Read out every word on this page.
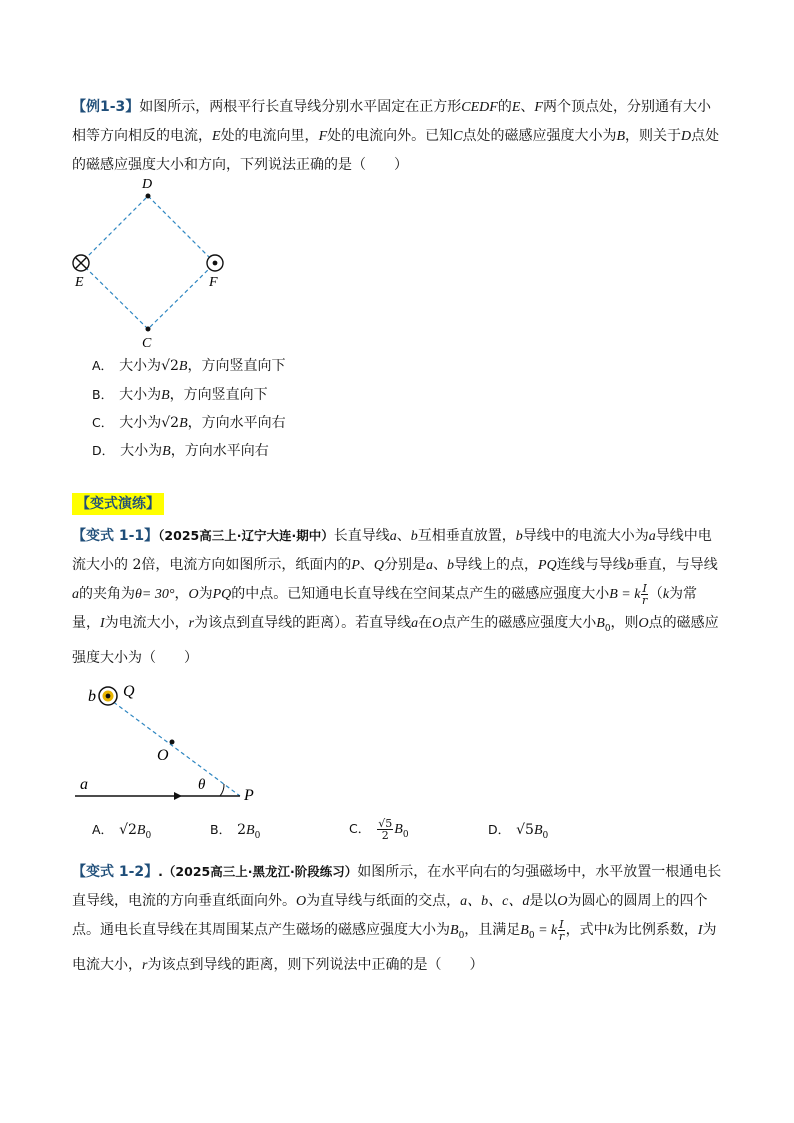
【例1-3】如图所示，两根平行长直导线分别水平固定在正方形CEDF的E、F两个顶点处，分别通有大小相等方向相反的电流，E处的电流向里，F处的电流向外。已知C点处的磁感应强度大小为B，则关于D点处的磁感应强度大小和方向，下列说法正确的是（　　）
D
E	F
C
A． 大小为√2B，方向竖直向下
B． 大小为B，方向竖直向下
C． 大小为√2B，方向水平向右
D． 大小为B，方向水平向右
【变式演练】
【变式 1-1】（2025高三上·辽宁大连·期中）长直导线a、b互相垂直放置，b导线中的电流大小为a导线中电流大小的 2倍，电流方向如图所示，纸面内的P、Q分别是a、b导线上的点，PQ连线与导线b垂直，与导线a的夹角为θ= 30°，O为PQ的中点。已知通电长直导线在空间某点产生的磁感应强度大小B = k $\frac{I}{r} (k$为常量，I为电流大小，r为该点到直导线的距离）。若直导线a在O点产生的磁感应强度大小$B_0$，则O点的磁感应强度大小为（　　）
b Q
O
a	θ
P
A． $√2B_0$	B． $2B_0$	C． $\frac{√5}{2} B_0$	D． $√5B_0$
【变式 1-2】.（2025高三上·黑龙江·阶段练习）如图所示，在水平向右的匀强磁场中，水平放置一根通电长直导线，电流的方向垂直纸面向外。O为直导线与纸面的交点，a、b、c、d是以O为圆心的圆周上的四个点。通电长直导线在其周围某点产生磁场的磁感应强度大小为$B_0$，且满足$B_0 = k \frac{I}{r}$ ，式中k为比例系数，I为电流大小，r为该点到导线的距离，则下列说法中正确的是（　　）
